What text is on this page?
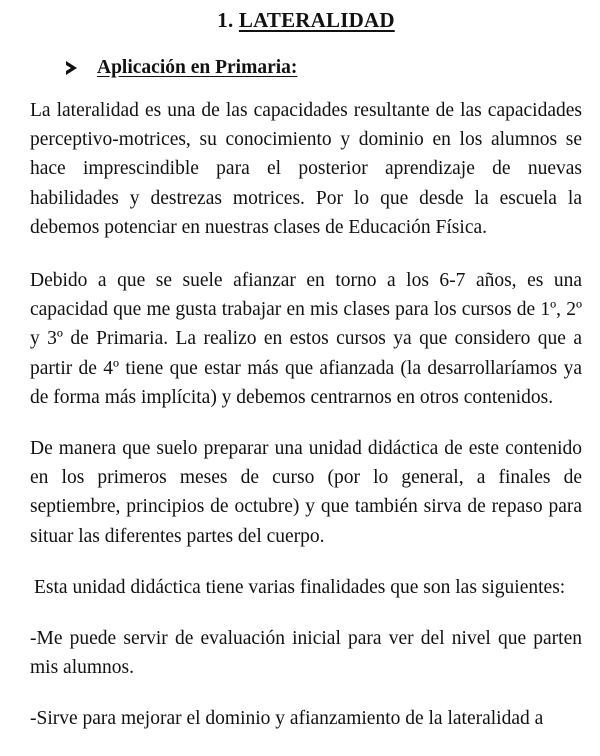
1. LATERALIDAD
Aplicación en Primaria:

La lateralidad es una de las capacidades resultante de las capacidades perceptivo-motrices, su conocimiento y dominio en los alumnos se hace imprescindible para el posterior aprendizaje de nuevas habilidades y destrezas motrices. Por lo que desde la escuela la debemos potenciar en nuestras clases de Educación Física.

Debido a que se suele afianzar en torno a los 6-7 años, es una capacidad que me gusta trabajar en mis clases para los cursos de 1º, 2º y 3º de Primaria. La realizo en estos cursos ya que considero que a partir de 4º tiene que estar más que afianzada (la desarrollaríamos ya de forma más implícita) y debemos centrarnos en otros contenidos.

De manera que suelo preparar una unidad didáctica de este contenido en los primeros meses de curso (por lo general, a finales de septiembre, principios de octubre) y que también sirva de repaso para situar las diferentes partes del cuerpo.

Esta unidad didáctica tiene varias finalidades que son las siguientes:

-Me puede servir de evaluación inicial para ver del nivel que parten mis alumnos.

-Sirve para mejorar el dominio y afianzamiento de la lateralidad a
